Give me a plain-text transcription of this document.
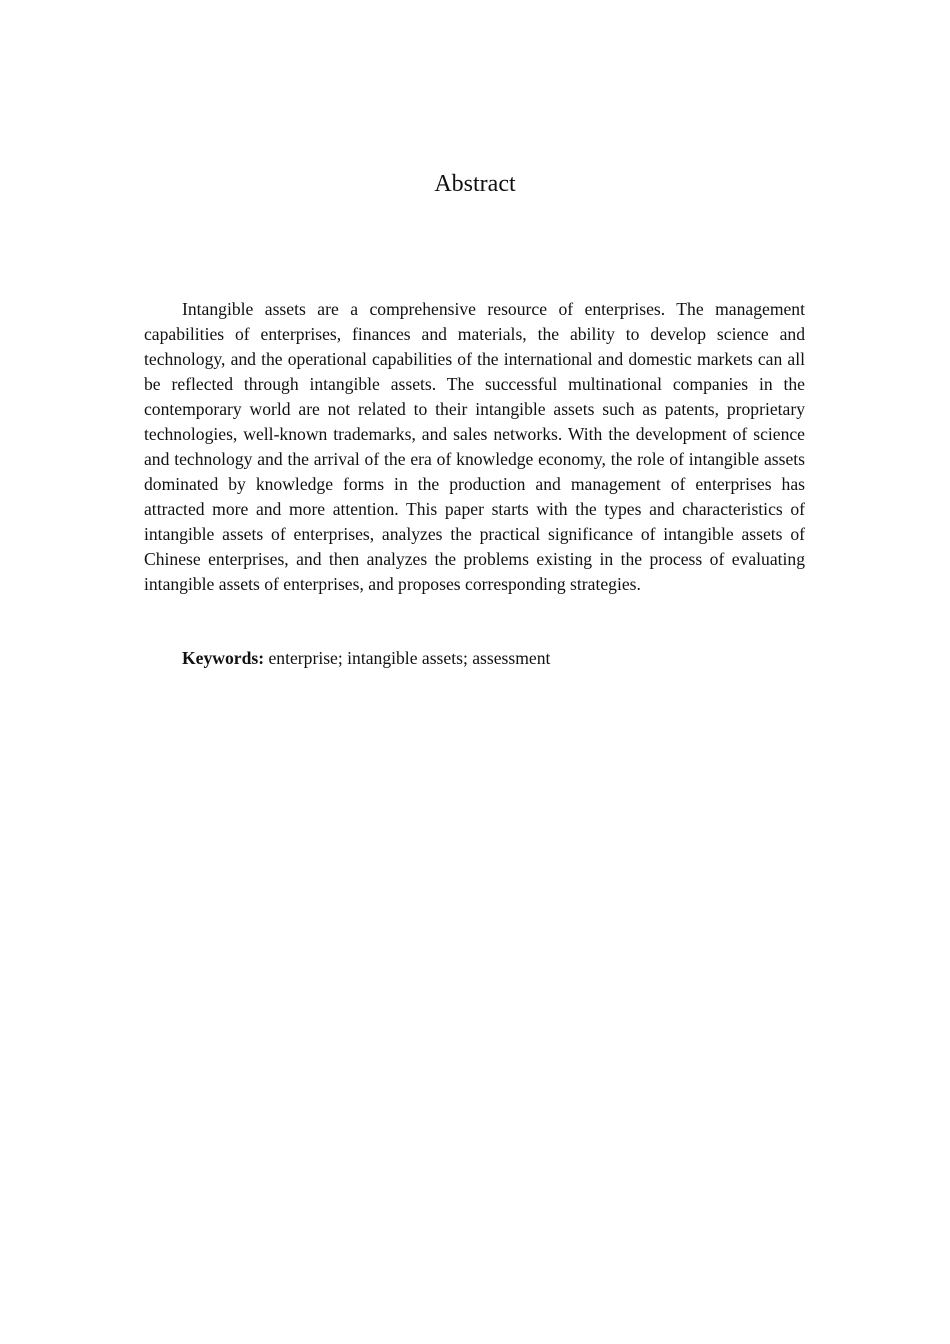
Abstract

Intangible assets are a comprehensive resource of enterprises. The management capabilities of enterprises, finances and materials, the ability to develop science and technology, and the operational capabilities of the international and domestic markets can all be reflected through intangible assets. The successful multinational companies in the contemporary world are not related to their intangible assets such as patents, proprietary technologies, well-known trademarks, and sales networks. With the development of science and technology and the arrival of the era of knowledge economy, the role of intangible assets dominated by knowledge forms in the production and management of enterprises has attracted more and more attention. This paper starts with the types and characteristics of intangible assets of enterprises, analyzes the practical significance of intangible assets of Chinese enterprises, and then analyzes the problems existing in the process of evaluating intangible assets of enterprises, and proposes corresponding strategies.

Keywords: enterprise; intangible assets; assessment
